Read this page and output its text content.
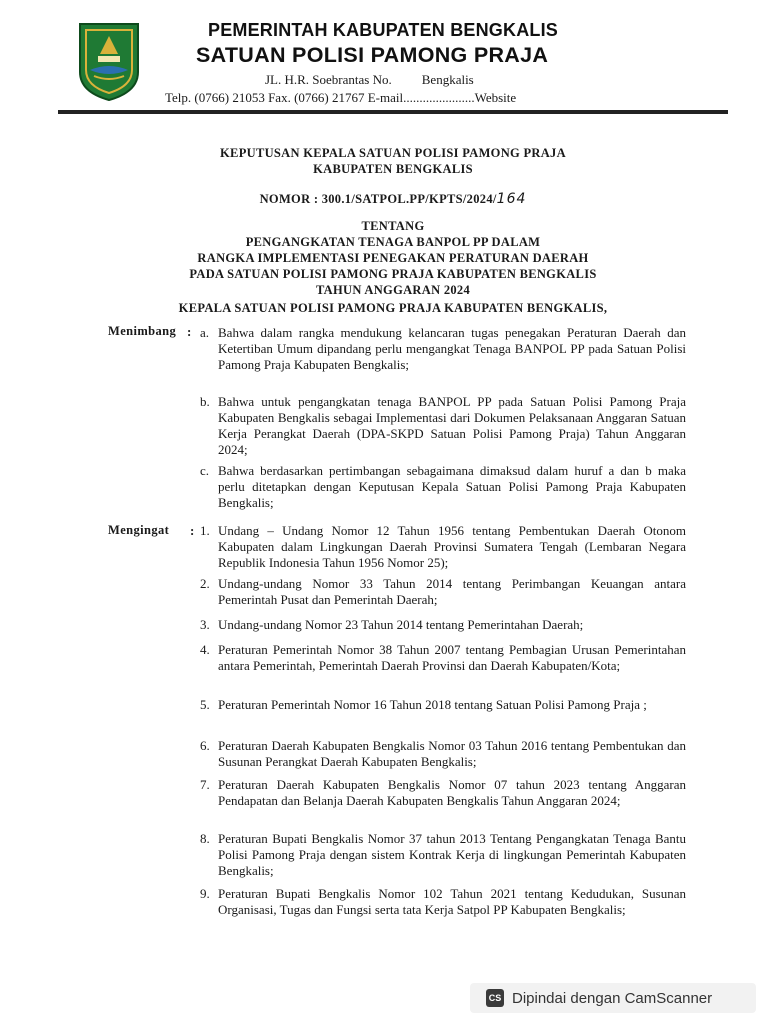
PEMERINTAH KABUPATEN BENGKALIS
SATUAN POLISI PAMONG PRAJA
JL. H.R. Soebrantas No. Bengkalis
Telp. (0766) 21053 Fax. (0766) 21767 E-mail......................Website
KEPUTUSAN KEPALA SATUAN POLISI PAMONG PRAJA
KABUPATEN BENGKALIS
NOMOR : 300.1/SATPOL.PP/KPTS/2024/164
TENTANG
PENGANGKATAN TENAGA BANPOL PP DALAM
RANGKA IMPLEMENTASI PENEGAKAN PERATURAN DAERAH
PADA SATUAN POLISI PAMONG PRAJA KABUPATEN BENGKALIS
TAHUN ANGGARAN 2024
KEPALA SATUAN POLISI PAMONG PRAJA KABUPATEN BENGKALIS,
Menimbang : a. Bahwa dalam rangka mendukung kelancaran tugas penegakan Peraturan Daerah dan Ketertiban Umum dipandang perlu mengangkat Tenaga BANPOL PP pada Satuan Polisi Pamong Praja Kabupaten Bengkalis;
b. Bahwa untuk pengangkatan tenaga BANPOL PP pada Satuan Polisi Pamong Praja Kabupaten Bengkalis sebagai Implementasi dari Dokumen Pelaksanaan Anggaran Satuan Kerja Perangkat Daerah (DPA-SKPD Satuan Polisi Pamong Praja) Tahun Anggaran 2024;
c. Bahwa berdasarkan pertimbangan sebagaimana dimaksud dalam huruf a dan b maka perlu ditetapkan dengan Keputusan Kepala Satuan Polisi Pamong Praja Kabupaten Bengkalis;
Mengingat : 1. Undang – Undang Nomor 12 Tahun 1956 tentang Pembentukan Daerah Otonom Kabupaten dalam Lingkungan Daerah Provinsi Sumatera Tengah (Lembaran Negara Republik Indonesia Tahun 1956 Nomor 25);
2. Undang-undang Nomor 33 Tahun 2014 tentang Perimbangan Keuangan antara Pemerintah Pusat dan Pemerintah Daerah;
3. Undang-undang Nomor 23 Tahun 2014 tentang Pemerintahan Daerah;
4. Peraturan Pemerintah Nomor 38 Tahun 2007 tentang Pembagian Urusan Pemerintahan antara Pemerintah, Pemerintah Daerah Provinsi dan Daerah Kabupaten/Kota;
5. Peraturan Pemerintah Nomor 16 Tahun 2018 tentang Satuan Polisi Pamong Praja ;
6. Peraturan Daerah Kabupaten Bengkalis Nomor 03 Tahun 2016 tentang Pembentukan dan Susunan Perangkat Daerah Kabupaten Bengkalis;
7. Peraturan Daerah Kabupaten Bengkalis Nomor 07 tahun 2023 tentang Anggaran Pendapatan dan Belanja Daerah Kabupaten Bengkalis Tahun Anggaran 2024;
8. Peraturan Bupati Bengkalis Nomor 37 tahun 2013 Tentang Pengangkatan Tenaga Bantu Polisi Pamong Praja dengan sistem Kontrak Kerja di lingkungan Pemerintah Kabupaten Bengkalis;
9. Peraturan Bupati Bengkalis Nomor 102 Tahun 2021 tentang Kedudukan, Susunan Organisasi, Tugas dan Fungsi serta tata Kerja Satpol PP Kabupaten Bengkalis;
CS Dipindai dengan CamScanner
